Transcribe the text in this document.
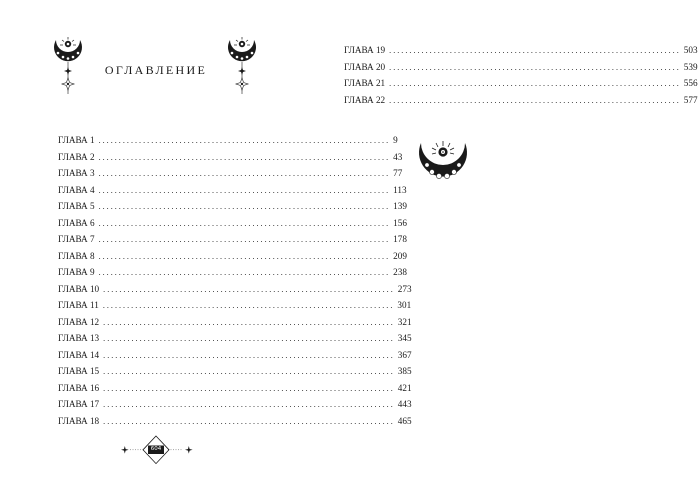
ОГЛАВЛЕНИЕ
ГЛАВА 1 ........................................................................ 9
ГЛАВА 2 ........................................................................ 43
ГЛАВА 3 ........................................................................ 77
ГЛАВА 4 ........................................................................ 113
ГЛАВА 5 ........................................................................ 139
ГЛАВА 6 ........................................................................ 156
ГЛАВА 7 ........................................................................ 178
ГЛАВА 8 ........................................................................ 209
ГЛАВА 9 ........................................................................ 238
ГЛАВА 10 ........................................................................ 273
ГЛАВА 11 ........................................................................ 301
ГЛАВА 12 ........................................................................ 321
ГЛАВА 13 ........................................................................ 345
ГЛАВА 14 ........................................................................ 367
ГЛАВА 15 ........................................................................ 385
ГЛАВА 16 ........................................................................ 421
ГЛАВА 17 ........................................................................ 443
ГЛАВА 18 ........................................................................ 465
604
ГЛАВА 19 ........................................................................ 503
ГЛАВА 20 ........................................................................ 539
ГЛАВА 21 ........................................................................ 556
ГЛАВА 22 ........................................................................ 577
